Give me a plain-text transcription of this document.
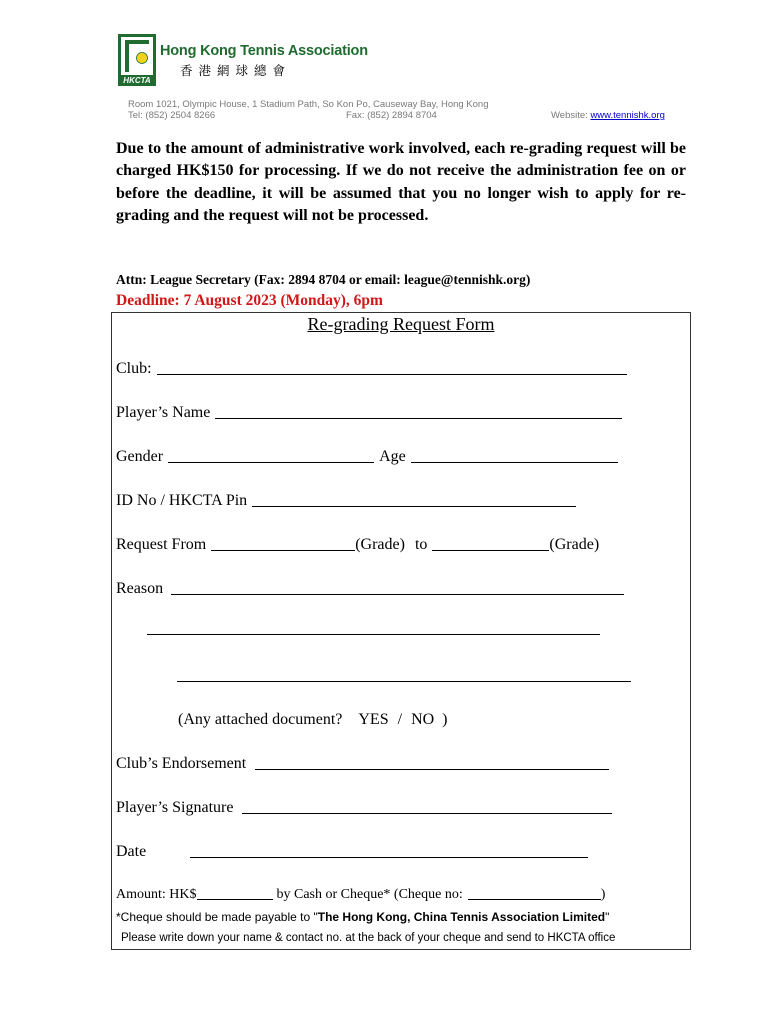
HKCTA
Hong Kong Tennis Association
香港網球總會
Room 1021, Olympic House, 1 Stadium Path, So Kon Po, Causeway Bay, Hong Kong
Tel: (852) 2504 8266	Fax: (852) 2894 8704	Website: www.tennishk.org
Due to the amount of administrative work involved, each re-grading request will be charged HK$150 for processing. If we do not receive the administration fee on or before the deadline, it will be assumed that you no longer wish to apply for re-grading and the request will not be processed.
Attn: League Secretary (Fax: 2894 8704 or email: league@tennishk.org)
Deadline: 7 August 2023 (Monday), 6pm
Re-grading Request Form
Club:
Player’s Name
Gender	Age
ID No / HKCTA Pin
Request From	(Grade) to	(Grade)
Reason
(Any attached document? YES / NO )
Club’s Endorsement
Player’s Signature
Date
Amount: HK$	by Cash or Cheque* (Cheque no:	)
*Cheque should be made payable to "The Hong Kong, China Tennis Association Limited"
Please write down your name & contact no. at the back of your cheque and send to HKCTA office
